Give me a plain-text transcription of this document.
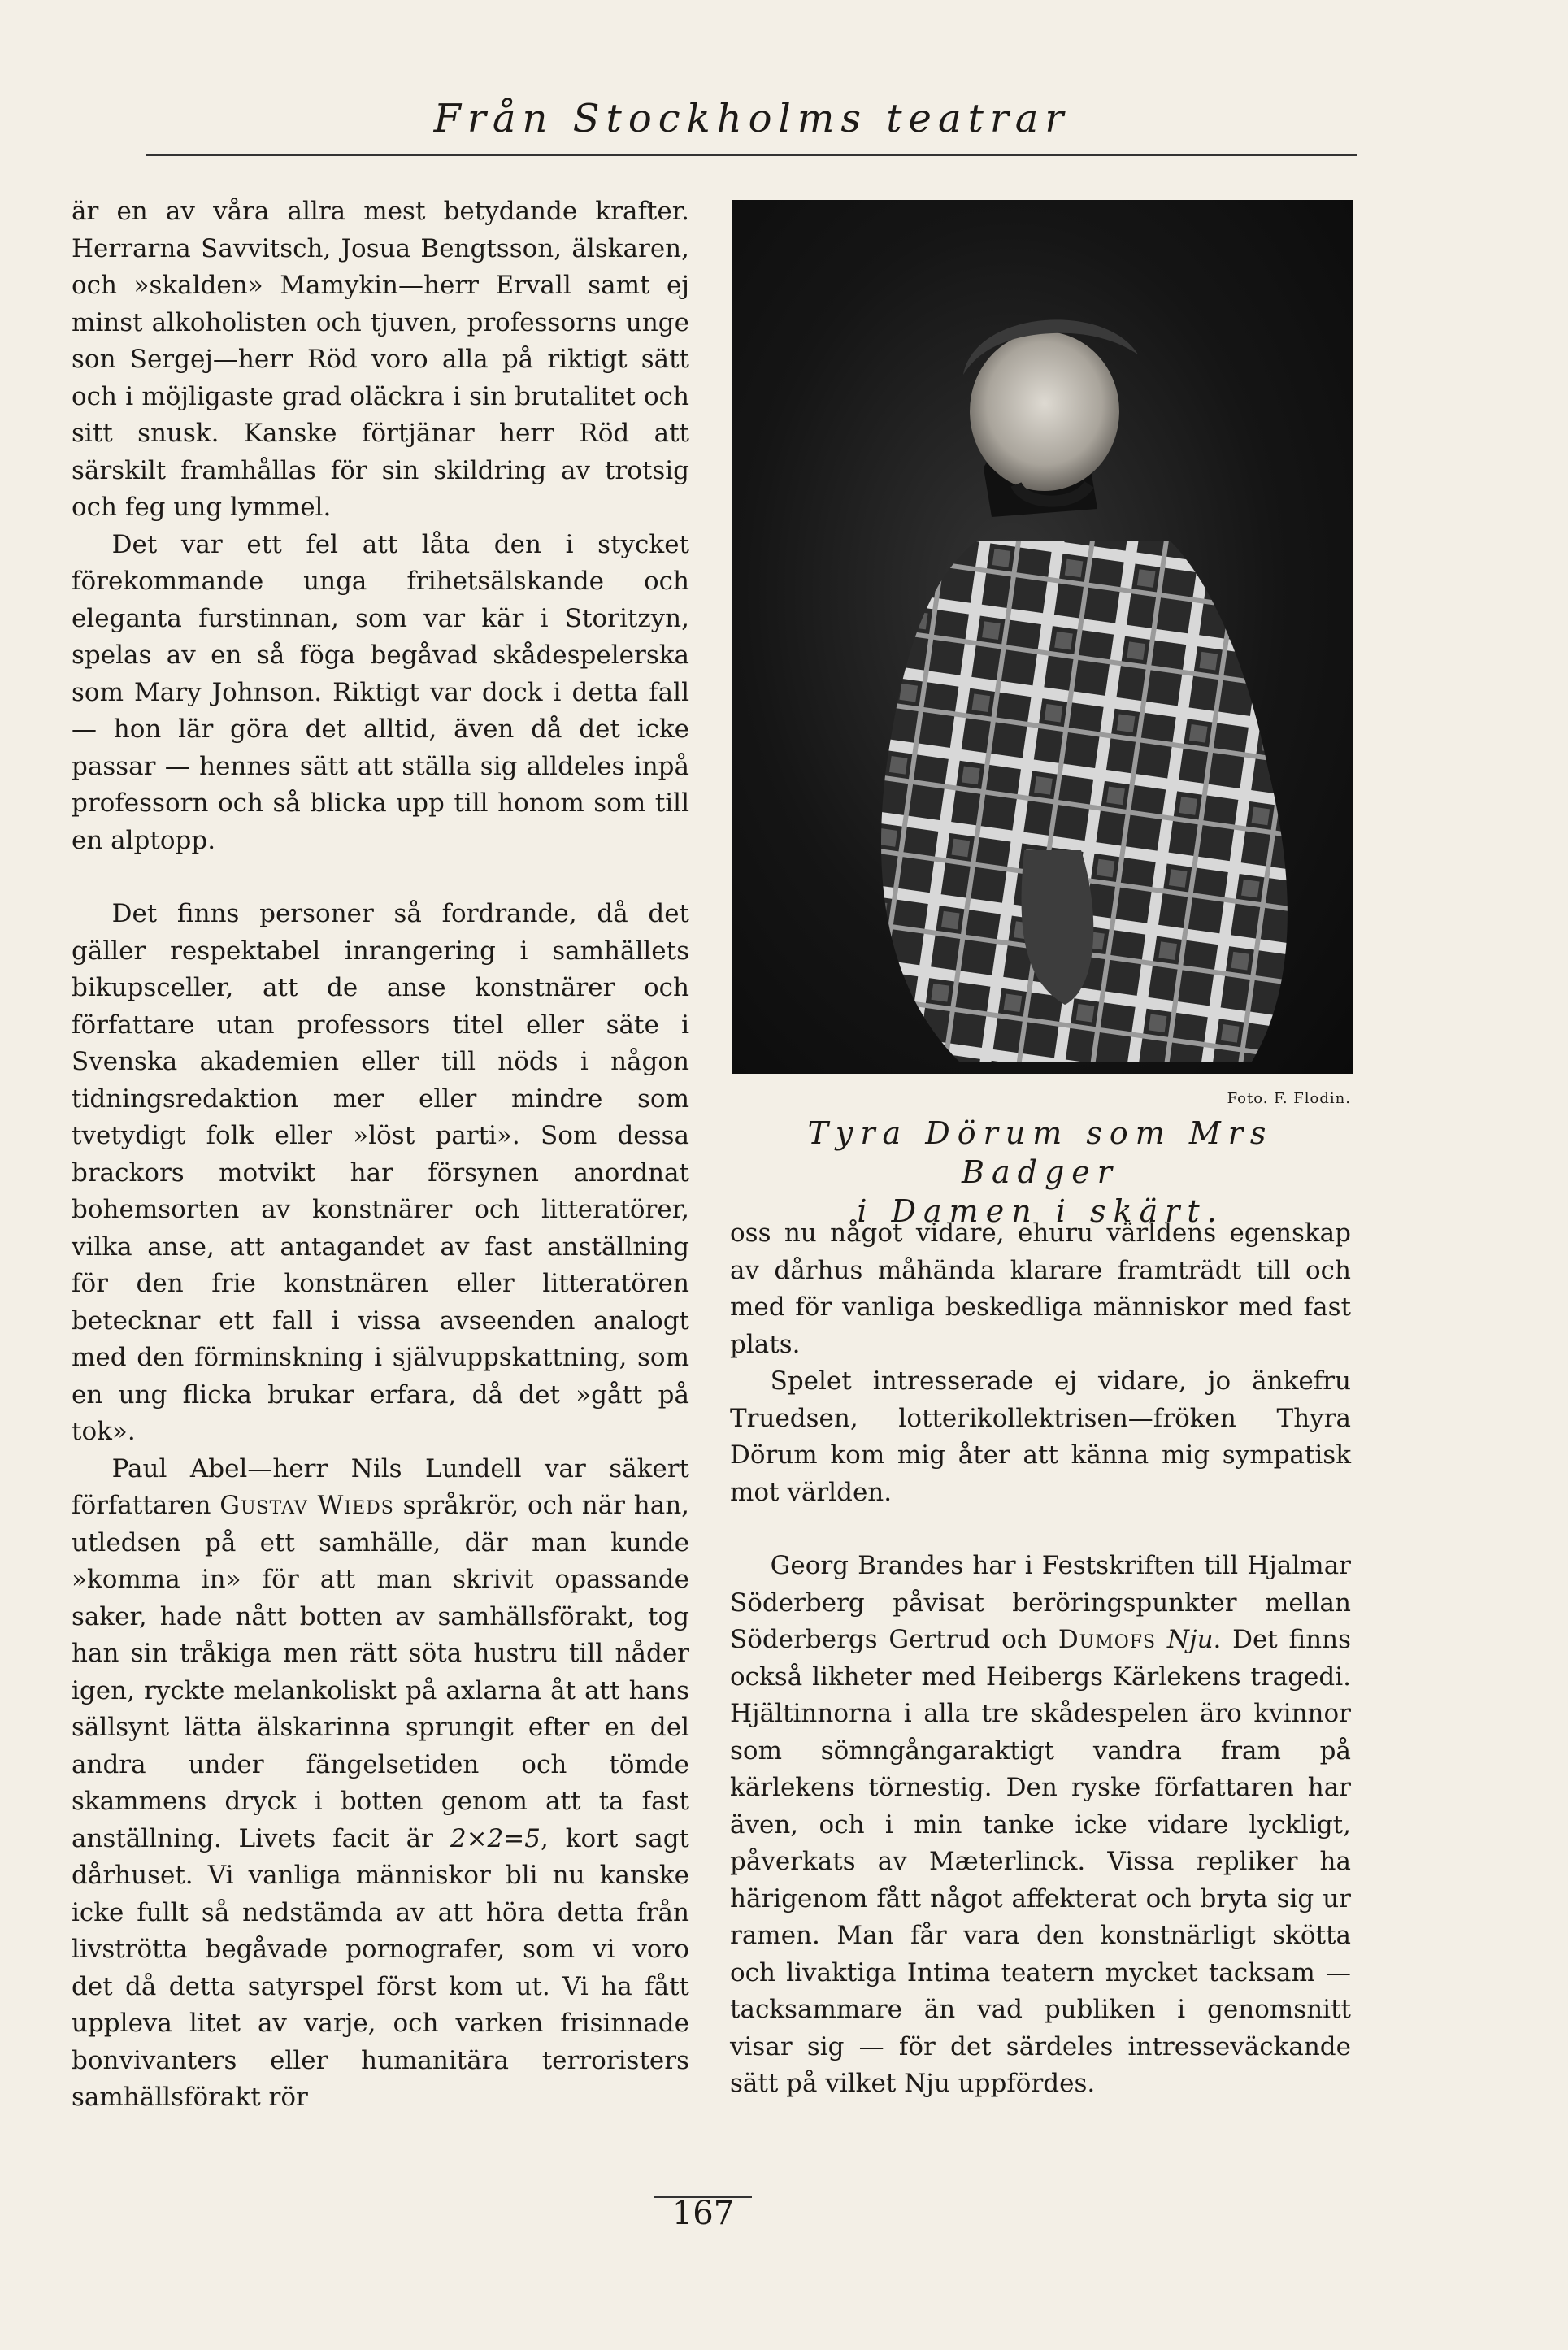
Från Stockholms teatrar

är en av våra allra mest betydande krafter. Herrarna Savvitsch, Josua Bengtsson, älskaren, och »skalden» Mamykin—herr Ervall samt ej minst alkoholisten och tjuven, professorns unge son Sergej—herr Röd voro alla på riktigt sätt och i möjligaste grad oläckra i sin brutalitet och sitt snusk. Kanske förtjänar herr Röd att särskilt framhållas för sin skildring av trotsig och feg ung lymmel.

Det var ett fel att låta den i stycket förekommande unga frihetsälskande och eleganta furstinnan, som var kär i Storitzyn, spelas av en så föga begåvad skådespelerska som Mary Johnson. Riktigt var dock i detta fall — hon lär göra det alltid, även då det icke passar — hennes sätt att ställa sig alldeles inpå professorn och så blicka upp till honom som till en alptopp.

Det finns personer så fordrande, då det gäller respektabel inrangering i samhällets bikupsceller, att de anse konstnärer och författare utan professors titel eller säte i Svenska akademien eller till nöds i någon tidningsredaktion mer eller mindre som tvetydigt folk eller »löst parti». Som dessa brackors motvikt har försynen anordnat bohemsorten av konstnärer och litteratörer, vilka anse, att antagandet av fast anställning för den frie konstnären eller litteratören betecknar ett fall i vissa avseenden analogt med den förminskning i självuppskattning, som en ung flicka brukar erfara, då det »gått på tok».

Paul Abel—herr Nils Lundell var säkert författaren Gustav Wieds språkrör, och när han, utledsen på ett samhälle, där man kunde »komma in» för att man skrivit opassande saker, hade nått botten av samhällsförakt, tog han sin tråkiga men rätt söta hustru till nåder igen, ryckte melankoliskt på axlarna åt att hans sällsynt lätta älskarinna sprungit efter en del andra under fängelsetiden och tömde skammens dryck i botten genom att ta fast anställning. Livets facit är 2×2=5, kort sagt dårhuset. Vi vanliga människor bli nu kanske icke fullt så nedstämda av att höra detta från livströtta begåvade pornografer, som vi voro det då detta satyrspel först kom ut. Vi ha fått uppleva litet av varje, och varken frisinnade bonvivanters eller humanitära terroristers samhällsförakt rör

Foto. F. Flodin.
Tyra Dörum som Mrs Badger
i Damen i skärt.

oss nu något vidare, ehuru världens egenskap av dårhus måhända klarare framträdt till och med för vanliga beskedliga människor med fast plats.

Spelet intresserade ej vidare, jo änkefru Truedsen, lotterikollektrisen—fröken Thyra Dörum kom mig åter att känna mig sympatisk mot världen.

Georg Brandes har i Festskriften till Hjalmar Söderberg påvisat beröringspunkter mellan Söderbergs Gertrud och Dumofs Nju. Det finns också likheter med Heibergs Kärlekens tragedi. Hjältinnorna i alla tre skådespelen äro kvinnor som sömngångaraktigt vandra fram på kärlekens törnestig. Den ryske författaren har även, och i min tanke icke vidare lyckligt, påverkats av Mæterlinck. Vissa repliker ha härigenom fått något affekterat och bryta sig ur ramen. Man får vara den konstnärligt skötta och livaktiga Intima teatern mycket tacksam — tacksammare än vad publiken i genomsnitt visar sig — för det särdeles intresseväckande sätt på vilket Nju uppfördes.

167
